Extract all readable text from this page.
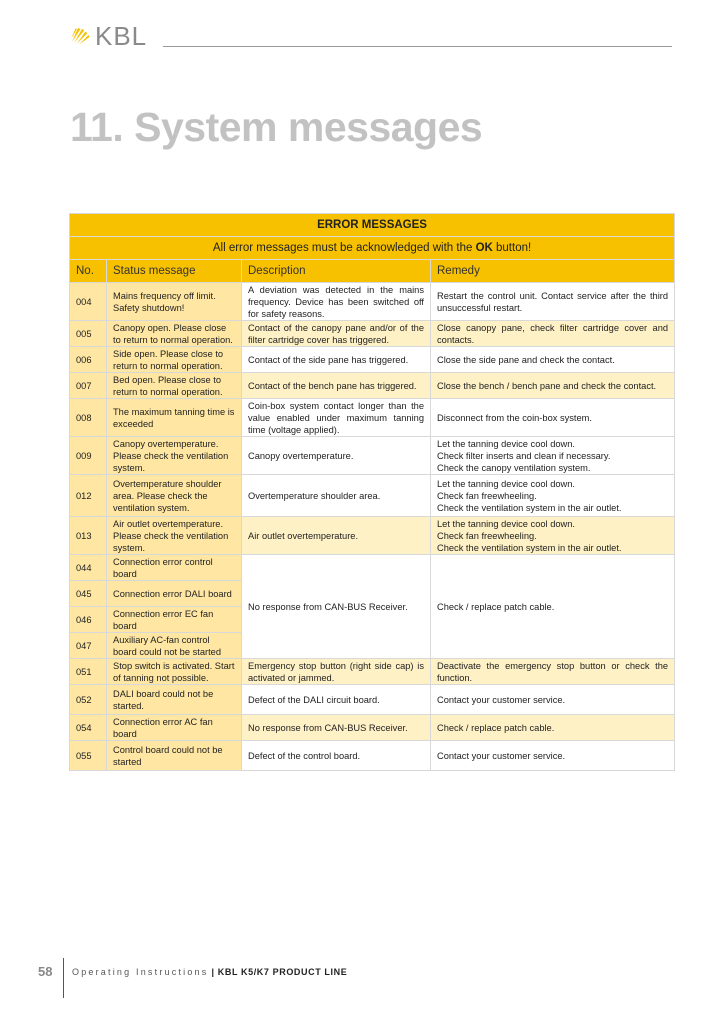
KBL
11. System messages
ERROR MESSAGES			
All error messages must be acknowledged with the OK button!			
No.	Status message	Description	Remedy
004	Mains frequency off limit. Safety shutdown!	A deviation was detected in the mains frequency. Device has been switched off for safety reasons.	Restart the control unit. Contact service after the third unsuccessful restart.
005	Canopy open. Please close to return to normal operation.	Contact of the canopy pane and/or of the filter cartridge cover has triggered.	Close canopy pane, check filter cartridge cover and contacts.
006	Side open. Please close to return to normal operation.	Contact of the side pane has triggered.	Close the side pane and check the contact.
007	Bed open. Please close to return to normal operation.	Contact of the bench pane has triggered.	Close the bench / bench pane and check the contact.
008	The maximum tanning time is exceeded	Coin-box system contact longer than the value enabled under maximum tanning time (voltage applied).	Disconnect from the coin-box system.
009	Canopy overtemperature. Please check the ventilation system.	Canopy overtemperature.	Let the tanning device cool down.
Check filter inserts and clean if necessary.
Check the canopy ventilation system.
012	Overtemperature shoulder area. Please check the ventilation system.	Overtemperature shoulder area.	Let the tanning device cool down.
Check fan freewheeling.
Check the ventilation system in the air outlet.
013	Air outlet overtemperature. Please check the ventilation system.	Air outlet overtemperature.	Let the tanning device cool down.
Check fan freewheeling.
Check the ventilation system in the air outlet.
044	Connection error control board	No response from CAN-BUS Receiver.	Check / replace patch cable.
045	Connection error DALI board		
046	Connection error EC fan board		
047	Auxiliary AC-fan control board could not be started		
051	Stop switch is activated. Start of tanning not possible.	Emergency stop button (right side cap) is activated or jammed.	Deactivate the emergency stop button or check the function.
052	DALI board could not be started.	Defect of the DALI circuit board.	Contact your customer service.
054	Connection error AC fan board	No response from CAN-BUS Receiver.	Check / replace patch cable.
055	Control board could not be started	Defect of the control board.	Contact your customer service.
58 Operating Instructions | KBL K5/K7 PRODUCT LINE
